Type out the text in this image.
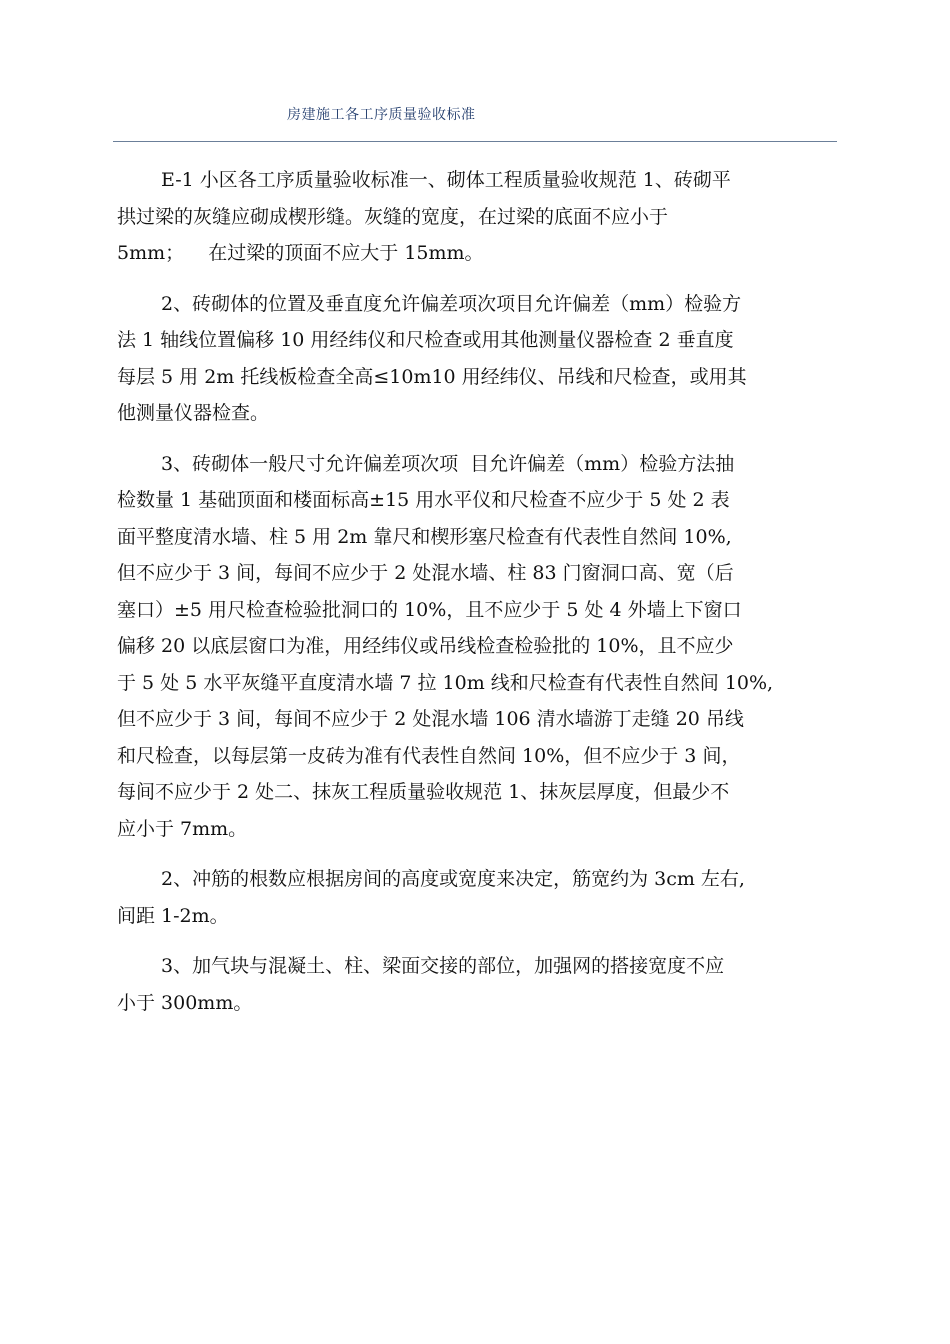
房建施工各工序质量验收标准
E-1 小区各工序质量验收标准一、砌体工程质量验收规范 1、砖砌平
拱过梁的灰缝应砌成楔形缝。灰缝的宽度，在过梁的底面不应小于
5mm；    在过梁的顶面不应大于 15mm。
2、砖砌体的位置及垂直度允许偏差项次项目允许偏差（mm）检验方
法 1 轴线位置偏移 10 用经纬仪和尺检查或用其他测量仪器检查 2 垂直度
每层 5 用 2m 托线板检查全高≤10m10 用经纬仪、吊线和尺检查，或用其
他测量仪器检查。
3、砖砌体一般尺寸允许偏差项次项  目允许偏差（mm）检验方法抽
检数量 1 基础顶面和楼面标高±15 用水平仪和尺检查不应少于 5 处 2 表
面平整度清水墙、柱 5 用 2m 靠尺和楔形塞尺检查有代表性自然间 10%,
但不应少于 3 间，每间不应少于 2 处混水墙、柱 83 门窗洞口高、宽（后
塞口）±5 用尺检查检验批洞口的 10%，且不应少于 5 处 4 外墙上下窗口
偏移 20 以底层窗口为准，用经纬仪或吊线检查检验批的 10%，且不应少
于 5 处 5 水平灰缝平直度清水墙 7 拉 10m 线和尺检查有代表性自然间 10%,
但不应少于 3 间，每间不应少于 2 处混水墙 106 清水墙游丁走缝 20 吊线
和尺检查，以每层第一皮砖为准有代表性自然间 10%，但不应少于 3 间，
每间不应少于 2 处二、抹灰工程质量验收规范 1、抹灰层厚度，但最少不
应小于 7mm。
2、冲筋的根数应根据房间的高度或宽度来决定，筋宽约为 3cm 左右,
间距 1-2m。
3、加气块与混凝土、柱、梁面交接的部位，加强网的搭接宽度不应
小于 300mm。
